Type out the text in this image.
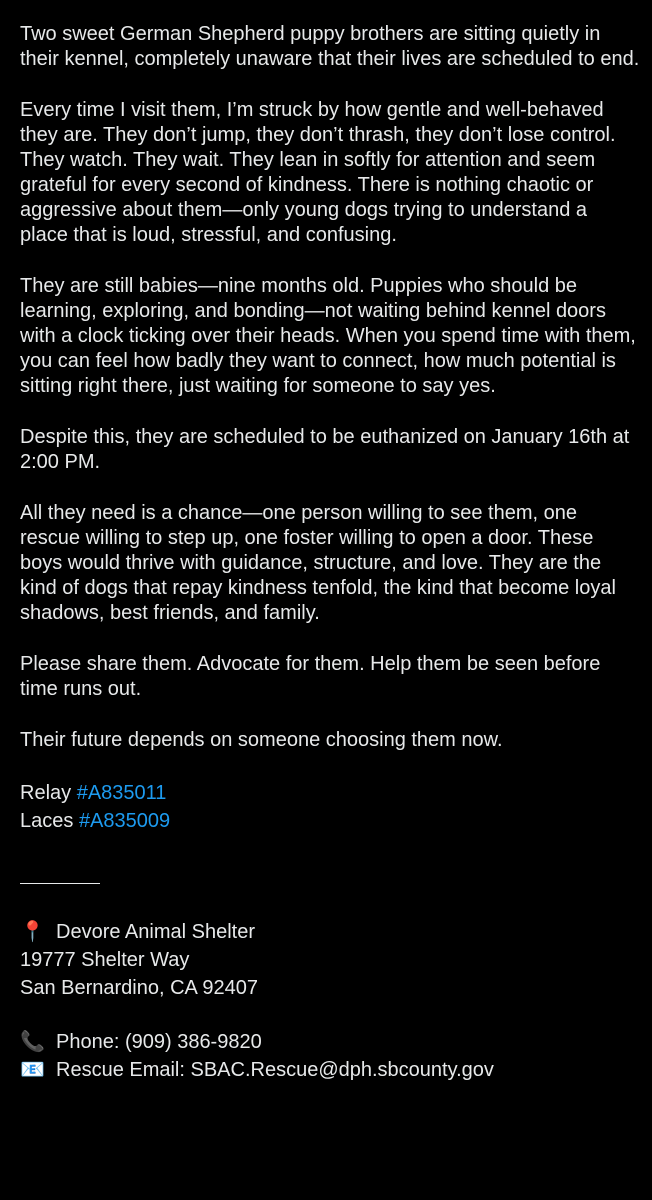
Two sweet German Shepherd puppy brothers are sitting quietly in their kennel, completely unaware that their lives are scheduled to end.

Every time I visit them, I’m struck by how gentle and well-behaved they are. They don’t jump, they don’t thrash, they don’t lose control. They watch. They wait. They lean in softly for attention and seem grateful for every second of kindness. There is nothing chaotic or aggressive about them—only young dogs trying to understand a place that is loud, stressful, and confusing.

They are still babies—nine months old. Puppies who should be learning, exploring, and bonding—not waiting behind kennel doors with a clock ticking over their heads. When you spend time with them, you can feel how badly they want to connect, how much potential is sitting right there, just waiting for someone to say yes.

Despite this, they are scheduled to be euthanized on January 16th at 2:00 PM.

All they need is a chance—one person willing to see them, one rescue willing to step up, one foster willing to open a door. These boys would thrive with guidance, structure, and love. They are the kind of dogs that repay kindness tenfold, the kind that become loyal shadows, best friends, and family.

Please share them. Advocate for them. Help them be seen before time runs out.

Their future depends on someone choosing them now.

Relay #A835011
Laces #A835009
📍 Devore Animal Shelter
19777 Shelter Way
San Bernardino, CA 92407
📞 Phone: (909) 386-9820
📧 Rescue Email: SBAC.Rescue@dph.sbcounty.gov
